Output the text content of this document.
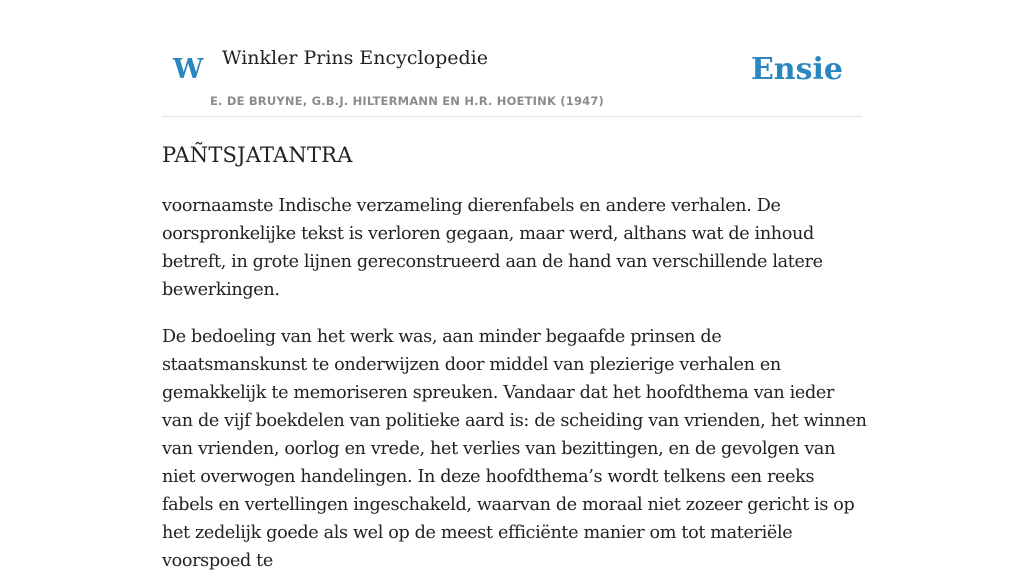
W Winkler Prins Encyclopedie
E. DE BRUYNE, G.B.J. HILTERMANN EN H.R. HOETINK (1947)
Ensie
PAÑTSJATANTRA

voornaamste Indische verzameling dierenfabels en andere verhalen. De oorspronkelijke tekst is verloren gegaan, maar werd, althans wat de inhoud betreft, in grote lijnen gereconstrueerd aan de hand van verschillende latere bewerkingen.

De bedoeling van het werk was, aan minder begaafde prinsen de staatsmanskunst te onderwijzen door middel van plezierige verhalen en gemakkelijk te memoriseren spreuken. Vandaar dat het hoofdthema van ieder van de vijf boekdelen van politieke aard is: de scheiding van vrienden, het winnen van vrienden, oorlog en vrede, het verlies van bezittingen, en de gevolgen van niet overwogen handelingen. In deze hoofdthema’s wordt telkens een reeks fabels en vertellingen ingeschakeld, waarvan de moraal niet zozeer gericht is op het zedelijk goede als wel op de meest efficiënte manier om tot materiële voorspoed te
